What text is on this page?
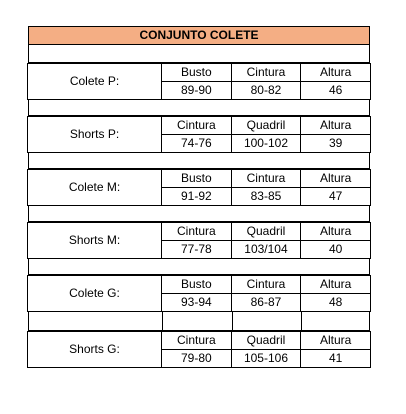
CONJUNTO COLETE
Colete P:	Busto	Cintura	Altura
	89-90	80-82	46
Shorts P:	Cintura	Quadril	Altura
	74-76	100-102	39
Colete M:	Busto	Cintura	Altura
	91-92	83-85	47
Shorts M:	Cintura	Quadril	Altura
	77-78	103/104	40
Colete G:	Busto	Cintura	Altura
	93-94	86-87	48
Shorts G:	Cintura	Quadril	Altura
	79-80	105-106	41
